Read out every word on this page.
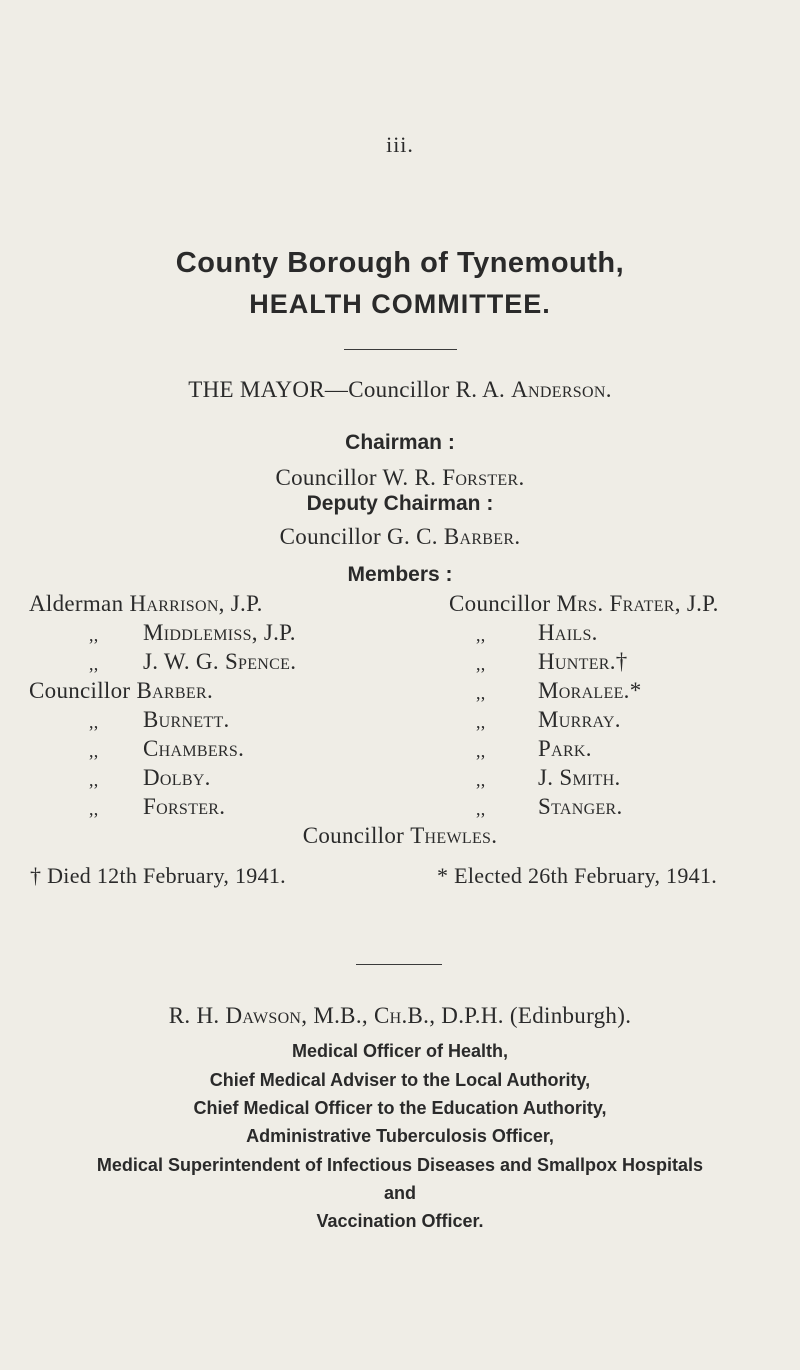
iii.
County Borough of Tynemouth,
HEALTH COMMITTEE.
THE MAYOR—Councillor R. A. Anderson.
Chairman :
Councillor W. R. Forster.
Deputy Chairman :
Councillor G. C. Barber.
Members :
Alderman Harrison, J.P.
,, Middlemiss, J.P.
,, J. W. G. Spence.
Councillor Barber.
,, Burnett.
,, Chambers.
,, Dolby.
,, Forster.
Councillor Mrs. Frater, J.P.
,, Hails.
,, Hunter.†
,, Moralee.*
,, Murray.
,, Park.
,, J. Smith.
,, Stanger.
Councillor Thewles.
† Died 12th February, 1941.	* Elected 26th February, 1941.
R. H. Dawson, M.B., Ch.B., D.P.H. (Edinburgh).
Medical Officer of Health,
Chief Medical Adviser to the Local Authority,
Chief Medical Officer to the Education Authority,
Administrative Tuberculosis Officer,
Medical Superintendent of Infectious Diseases and Smallpox Hospitals
and
Vaccination Officer.
